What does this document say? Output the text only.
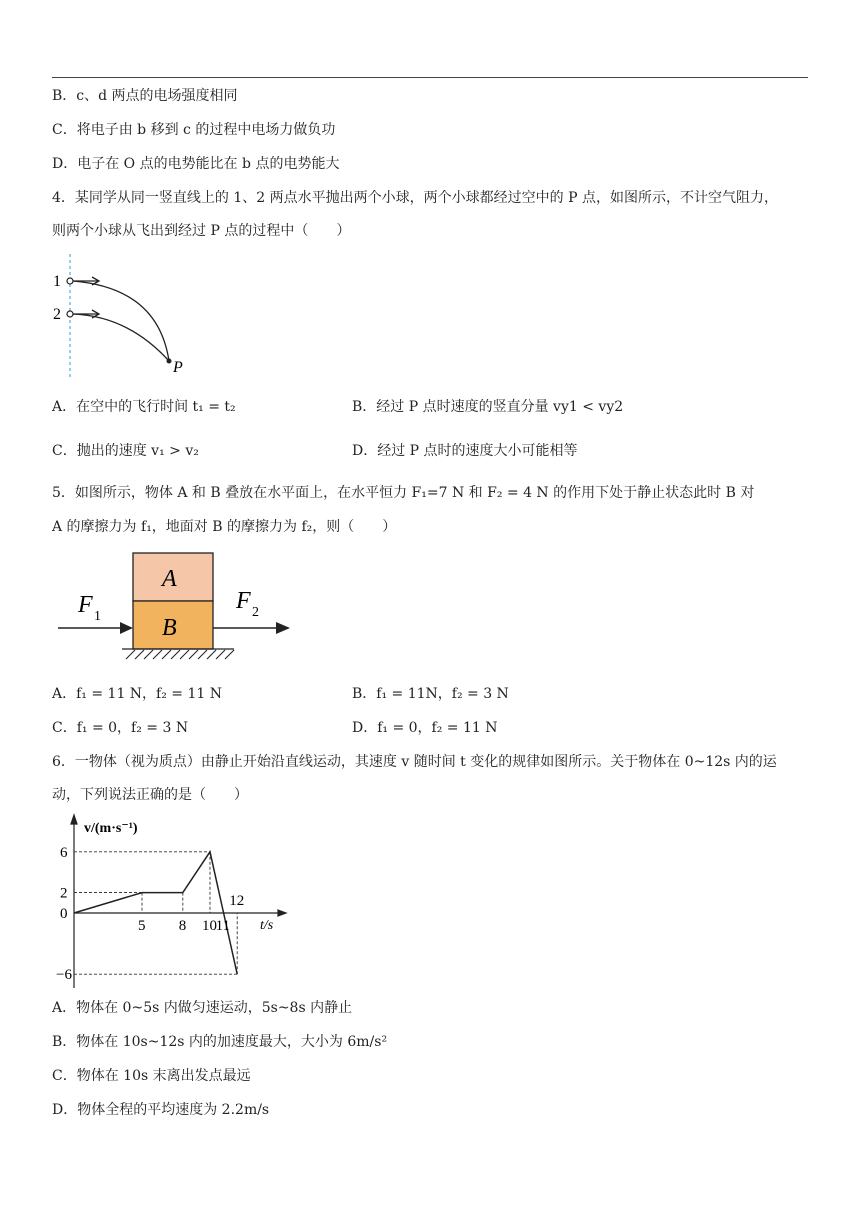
B．c、d 两点的电场强度相同
C．将电子由 b 移到 c 的过程中电场力做负功
D．电子在 O 点的电势能比在 b 点的电势能大
4．某同学从同一竖直线上的 1、2 两点水平抛出两个小球，两个小球都经过空中的 P 点，如图所示，不计空气阻力，
则两个小球从飞出到经过 P 点的过程中（　　）
1
2
P
A．在空中的飞行时间 t₁ = t₂	B．经过 P 点时速度的竖直分量 vy1 < vy2
C．抛出的速度 v₁ > v₂	D．经过 P 点时的速度大小可能相等
5．如图所示，物体 A 和 B 叠放在水平面上，在水平恒力 F₁=7 N 和 F₂ = 4 N 的作用下处于静止状态此时 B 对
A 的摩擦力为 f₁，地面对 B 的摩擦力为 f₂，则（　　）
A
B
F 1
F 2
A．f₁ = 11 N，f₂ = 11 N	B．f₁ = 11N，f₂ = 3 N
C．f₁ = 0，f₂ = 3 N	D．f₁ = 0，f₂ = 11 N
6．一物体（视为质点）由静止开始沿直线运动，其速度 v 随时间 t 变化的规律如图所示。关于物体在 0~12s 内的运
动，下列说法正确的是（　　）
v/(m·s⁻¹)
t/s
5 8 10
11
12
6
2
0
−6
A．物体在 0~5s 内做匀速运动，5s~8s 内静止
B．物体在 10s~12s 内的加速度最大，大小为 6m/s²
C．物体在 10s 末离出发点最远
D．物体全程的平均速度为 2.2m/s
